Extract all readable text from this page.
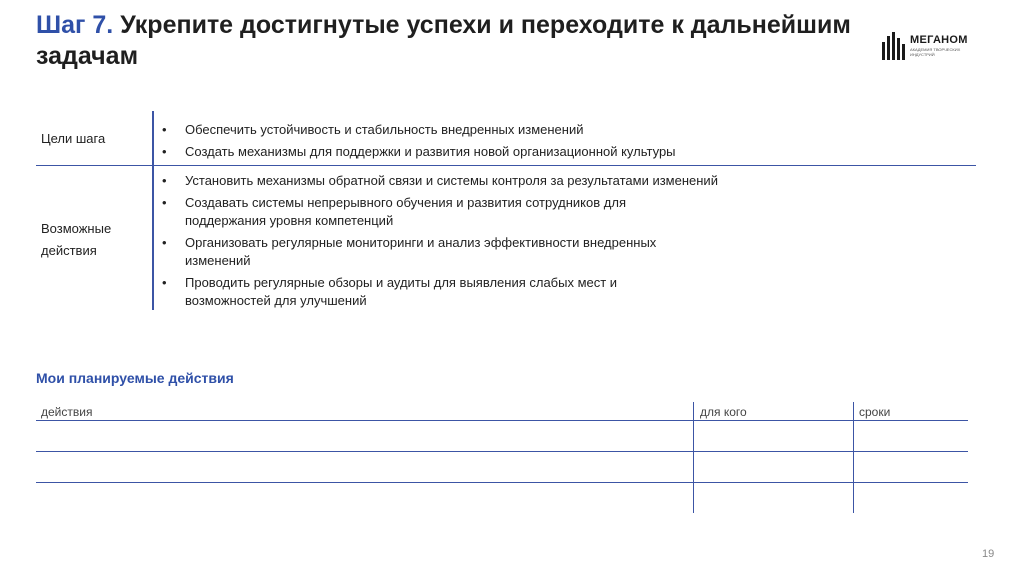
Шаг 7. Укрепите достигнутые успехи и переходите к дальнейшим задачам
МЕГАНОМ
АКАДЕМИЯ ТВОРЧЕСКИХ ИНДУСТРИЙ
Цели шага
• Обеспечить устойчивость и стабильность внедренных изменений
• Создать механизмы для поддержки и развития новой организационной культуры
Возможные
действия
• Установить механизмы обратной связи и системы контроля за результатами изменений
• Создавать системы непрерывного обучения и развития сотрудников для поддержания уровня компетенций
• Организовать регулярные мониторинги и анализ эффективности внедренных изменений
• Проводить регулярные обзоры и аудиты для выявления слабых мест и возможностей для улучшений
Мои планируемые действия
действия	для кого	сроки
19
